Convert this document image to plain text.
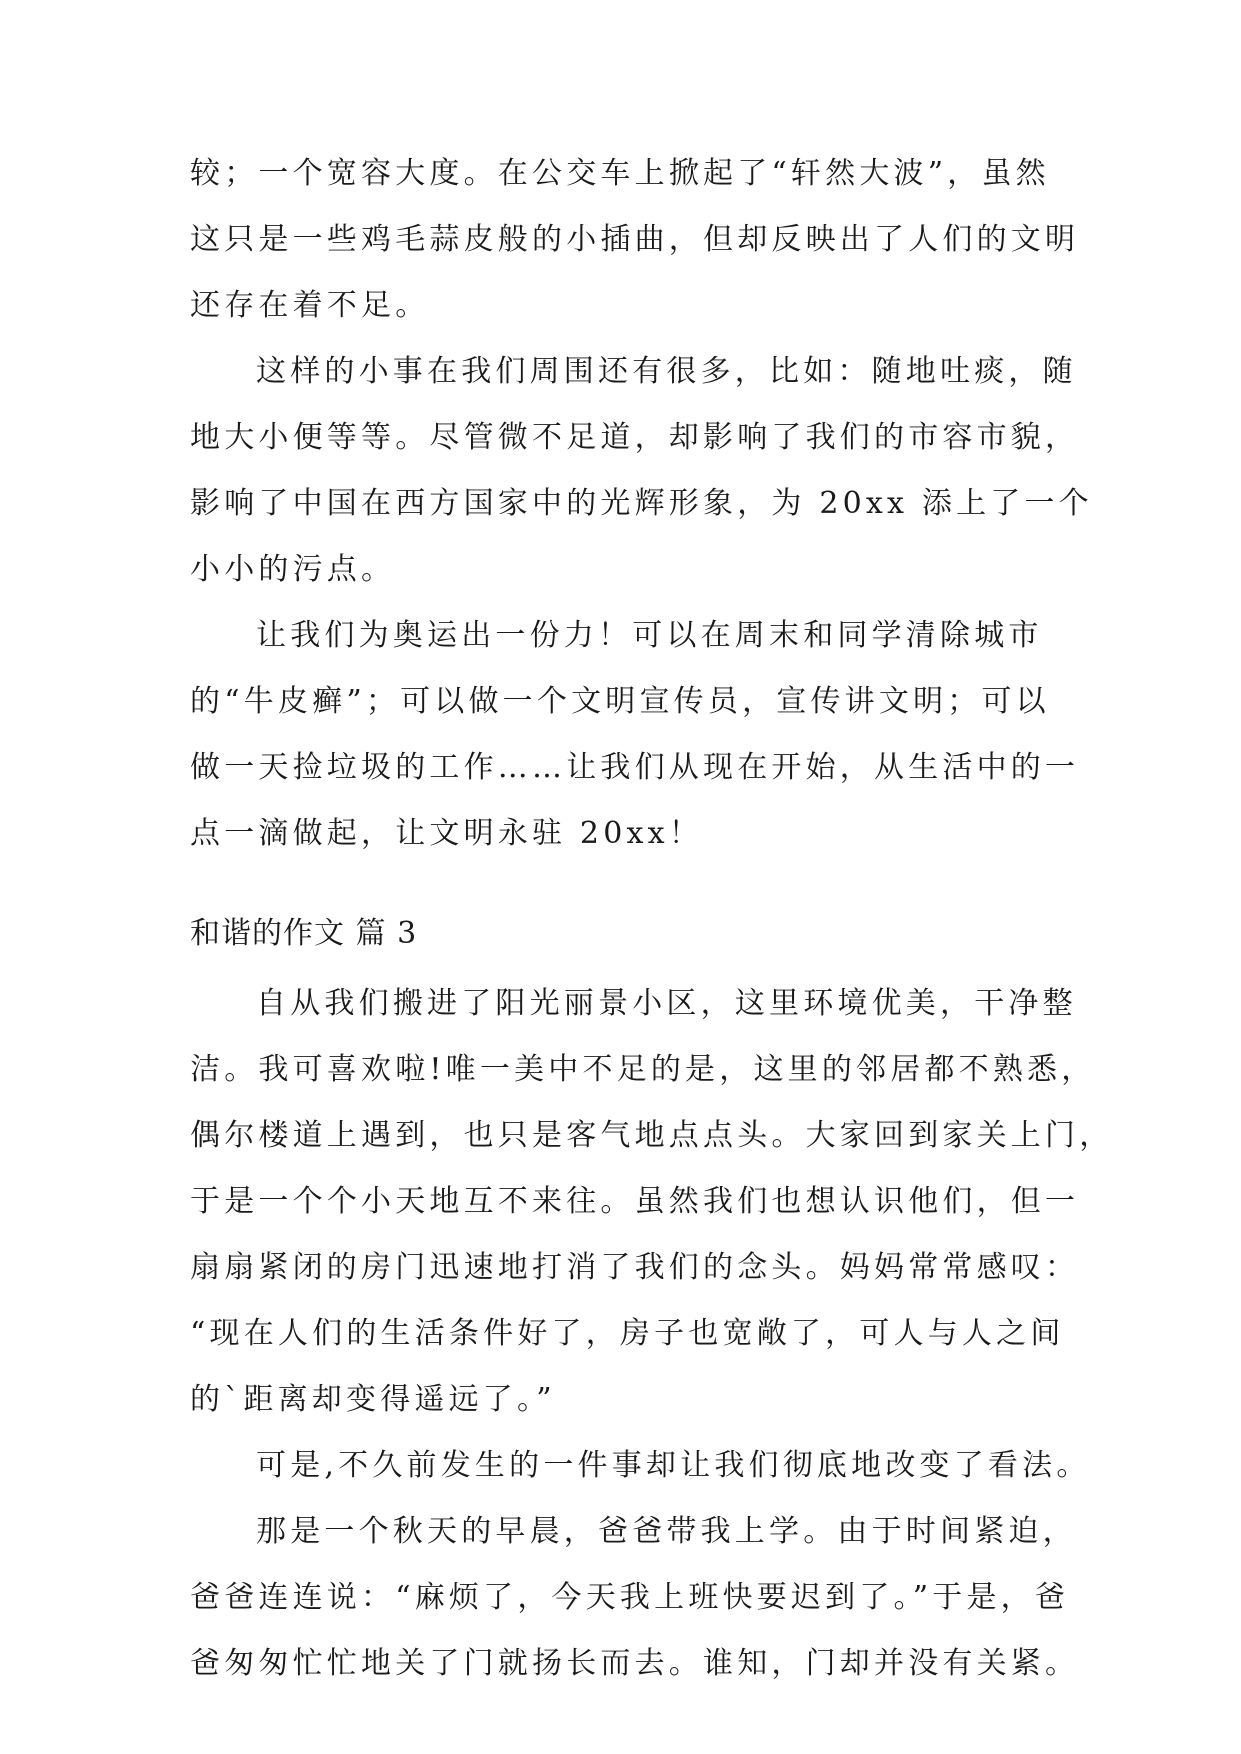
较；一个宽容大度。在公交车上掀起了“轩然大波”，虽然
这只是一些鸡毛蒜皮般的小插曲，但却反映出了人们的文明
还存在着不足。
这样的小事在我们周围还有很多，比如：随地吐痰，随
地大小便等等。尽管微不足道，却影响了我们的市容市貌，
影响了中国在西方国家中的光辉形象，为 20xx 添上了一个
小小的污点。
让我们为奥运出一份力！可以在周末和同学清除城市
的“牛皮癣”；可以做一个文明宣传员，宣传讲文明；可以
做一天捡垃圾的工作……让我们从现在开始，从生活中的一
点一滴做起，让文明永驻 20xx！
和谐的作文 篇 3
自从我们搬进了阳光丽景小区，这里环境优美，干净整
洁。我可喜欢啦!唯一美中不足的是，这里的邻居都不熟悉，
偶尔楼道上遇到，也只是客气地点点头。大家回到家关上门，
于是一个个小天地互不来往。虽然我们也想认识他们，但一
扇扇紧闭的房门迅速地打消了我们的念头。妈妈常常感叹：
“现在人们的生活条件好了，房子也宽敞了，可人与人之间
的`距离却变得遥远了。”
可是,不久前发生的一件事却让我们彻底地改变了看法。
那是一个秋天的早晨，爸爸带我上学。由于时间紧迫，
爸爸连连说：“麻烦了，今天我上班快要迟到了。”于是，爸
爸匆匆忙忙地关了门就扬长而去。谁知，门却并没有关紧。
